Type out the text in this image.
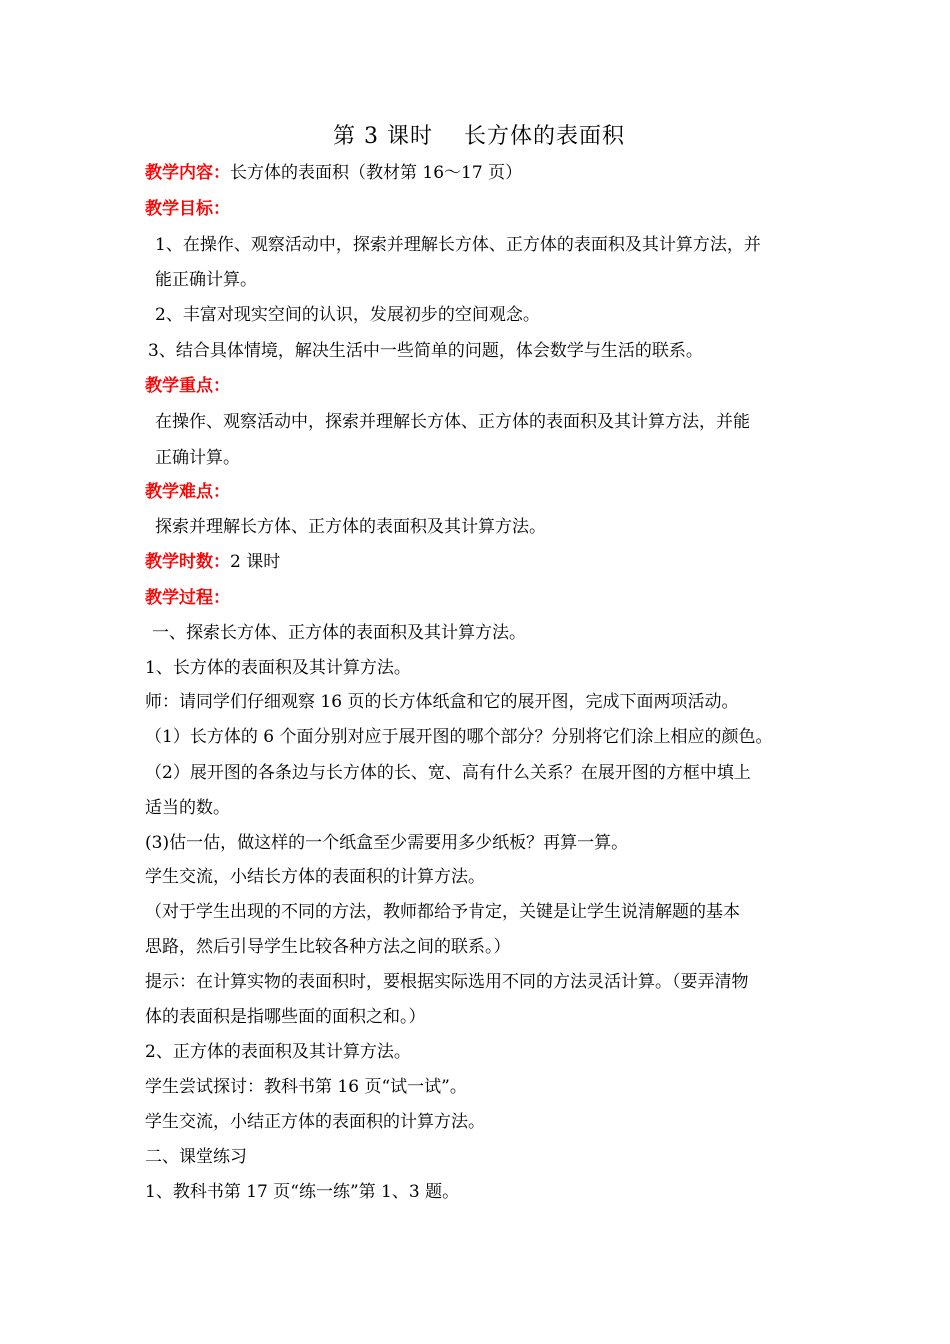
第 3 课时　 长方体的表面积
教学内容：长方体的表面积（教材第 16～17 页）
教学目标：
1、在操作、观察活动中，探索并理解长方体、正方体的表面积及其计算方法，并
能正确计算。
2、丰富对现实空间的认识，发展初步的空间观念。
3、结合具体情境，解决生活中一些简单的问题，体会数学与生活的联系。
教学重点：
在操作、观察活动中，探索并理解长方体、正方体的表面积及其计算方法，并能
正确计算。
教学难点：
探索并理解长方体、正方体的表面积及其计算方法。
教学时数：2 课时
教学过程：
一、探索长方体、正方体的表面积及其计算方法。
1、长方体的表面积及其计算方法。
师：请同学们仔细观察 16 页的长方体纸盒和它的展开图，完成下面两项活动。
（1）长方体的 6 个面分别对应于展开图的哪个部分？分别将它们涂上相应的颜色。
（2）展开图的各条边与长方体的长、宽、高有什么关系？在展开图的方框中填上
适当的数。
(3)估一估，做这样的一个纸盒至少需要用多少纸板？再算一算。
学生交流，小结长方体的表面积的计算方法。
（对于学生出现的不同的方法，教师都给予肯定，关键是让学生说清解题的基本
思路，然后引导学生比较各种方法之间的联系。）
提示：在计算实物的表面积时，要根据实际选用不同的方法灵活计算。（要弄清物
体的表面积是指哪些面的面积之和。）
2、正方体的表面积及其计算方法。
学生尝试探讨：教科书第 16 页“试一试”。
学生交流，小结正方体的表面积的计算方法。
二、课堂练习
1、教科书第 17 页“练一练”第 1、3 题。
